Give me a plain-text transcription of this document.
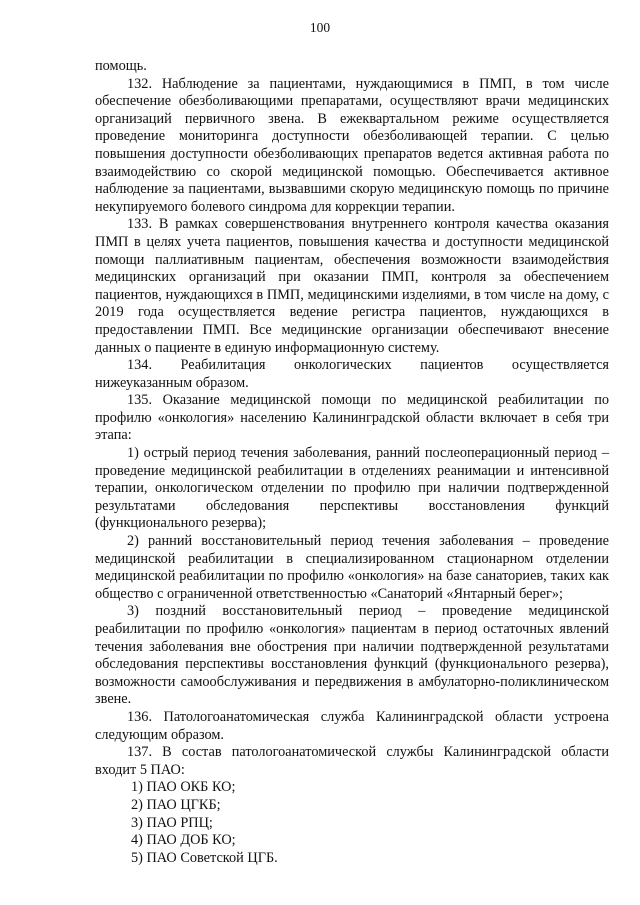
100

помощь.

132. Наблюдение за пациентами, нуждающимися в ПМП, в том числе обеспечение обезболивающими препаратами, осуществляют врачи медицинских организаций первичного звена. В ежеквартальном режиме осуществляется проведение мониторинга доступности обезболивающей терапии. С целью повышения доступности обезболивающих препаратов ведется активная работа по взаимодействию со скорой медицинской помощью. Обеспечивается активное наблюдение за пациентами, вызвавшими скорую медицинскую помощь по причине некупируемого болевого синдрома для коррекции терапии.

133. В рамках совершенствования внутреннего контроля качества оказания ПМП в целях учета пациентов, повышения качества и доступности медицинской помощи паллиативным пациентам, обеспечения возможности взаимодействия медицинских организаций при оказании ПМП, контроля за обеспечением пациентов, нуждающихся в ПМП, медицинскими изделиями, в том числе на дому, с 2019 года осуществляется ведение регистра пациентов, нуждающихся в предоставлении ПМП. Все медицинские организации обеспечивают внесение данных о пациенте в единую информационную систему.

134. Реабилитация онкологических пациентов осуществляется нижеуказанным образом.

135. Оказание медицинской помощи по медицинской реабилитации по профилю «онкология» населению Калининградской области включает в себя три этапа:

1) острый период течения заболевания, ранний послеоперационный период – проведение медицинской реабилитации в отделениях реанимации и интенсивной терапии, онкологическом отделении по профилю при наличии подтвержденной результатами обследования перспективы восстановления функций (функционального резерва);

2) ранний восстановительный период течения заболевания – проведение медицинской реабилитации в специализированном стационарном отделении медицинской реабилитации по профилю «онкология» на базе санаториев, таких как общество с ограниченной ответственностью «Санаторий «Янтарный берег»;

3) поздний восстановительный период – проведение медицинской реабилитации по профилю «онкология» пациентам в период остаточных явлений течения заболевания вне обострения при наличии подтвержденной результатами обследования перспективы восстановления функций (функционального резерва), возможности самообслуживания и передвижения в амбулаторно-поликлиническом звене.

136. Патологоанатомическая служба Калининградской области устроена следующим образом.

137. В состав патологоанатомической службы Калининградской области входит 5 ПАО:

1) ПАО ОКБ КО;

2) ПАО ЦГКБ;

3) ПАО РПЦ;

4) ПАО ДОБ КО;

5) ПАО Советской ЦГБ.
